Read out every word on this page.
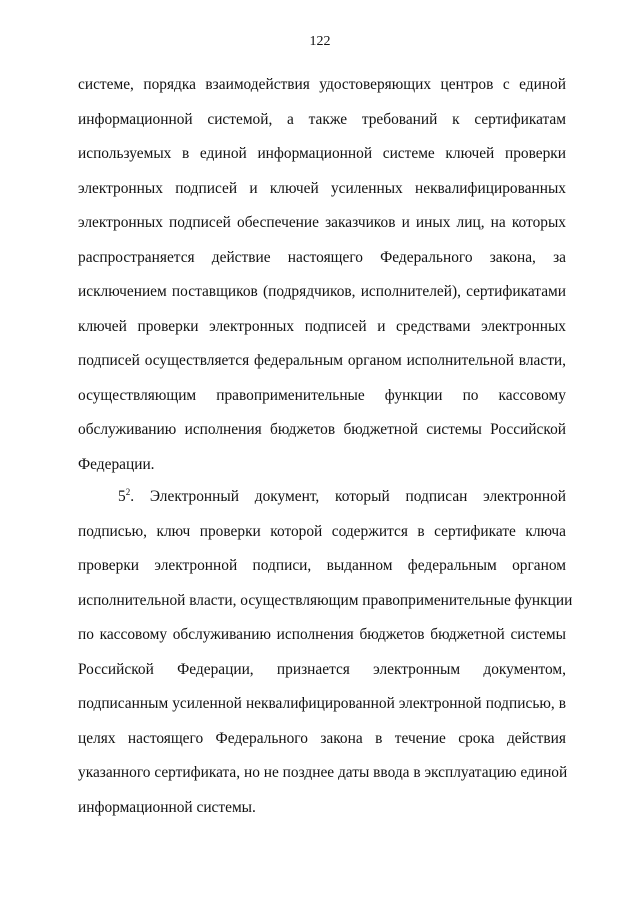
122
системе, порядка взаимодействия удостоверяющих центров с единой
информационной системой, а также требований к сертификатам
используемых в единой информационной системе ключей проверки
электронных подписей и ключей усиленных неквалифицированных
электронных подписей обеспечение заказчиков и иных лиц, на которых
распространяется действие настоящего Федерального закона, за
исключением поставщиков (подрядчиков, исполнителей), сертификатами
ключей проверки электронных подписей и средствами электронных
подписей осуществляется федеральным органом исполнительной власти,
осуществляющим правоприменительные функции по кассовому
обслуживанию исполнения бюджетов бюджетной системы Российской
Федерации.
$5^2$. Электронный документ, который подписан электронной
подписью, ключ проверки которой содержится в сертификате ключа
проверки электронной подписи, выданном федеральным органом
исполнительной власти, осуществляющим правоприменительные функции
по кассовому обслуживанию исполнения бюджетов бюджетной системы
Российской Федерации, признается электронным документом,
подписанным усиленной неквалифицированной электронной подписью, в
целях настоящего Федерального закона в течение срока действия
указанного сертификата, но не позднее даты ввода в эксплуатацию единой
информационной системы.
